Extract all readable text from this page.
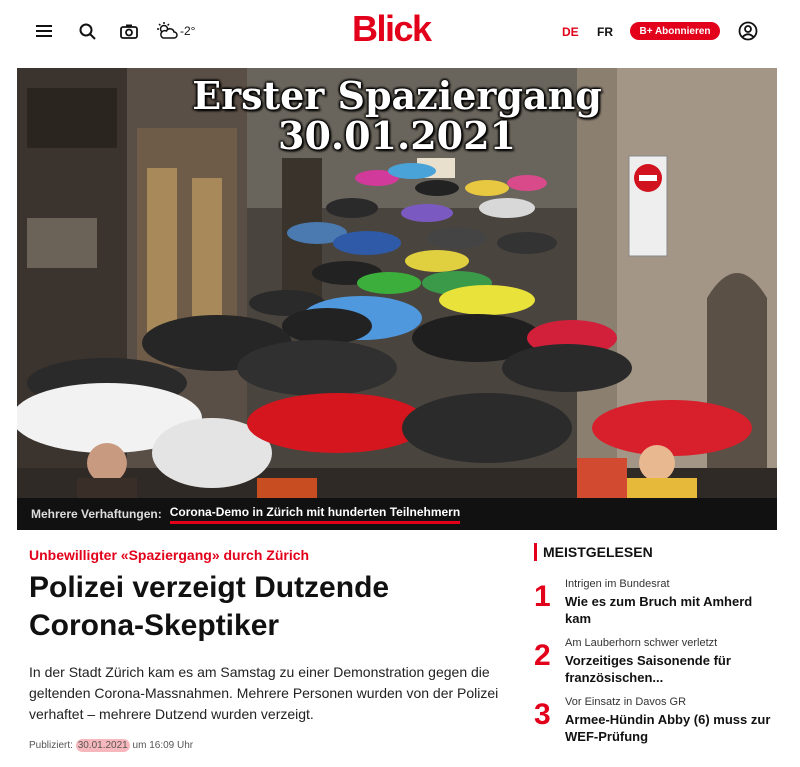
-2°	Blick	DE FR	B+ Abonnieren
Erster Spaziergang
30.01.2021
Mehrere Verhaftungen: Corona-Demo in Zürich mit hunderten Teilnehmern
Unbewilligter «Spaziergang» durch Zürich
Polizei verzeigt Dutzende Corona-Skeptiker
In der Stadt Zürich kam es am Samstag zu einer Demonstration gegen die geltenden Corona-Massnahmen. Mehrere Personen wurden von der Polizei verhaftet – mehrere Dutzend wurden verzeigt.
Publiziert: 30.01.2021 um 16:09 Uhr
MEISTGELESEN
1 Intrigen im Bundesrat
Wie es zum Bruch mit Amherd kam
2 Am Lauberhorn schwer verletzt
Vorzeitiges Saisonende für französischen...
3 Vor Einsatz in Davos GR
Armee-Hündin Abby (6) muss zur WEF-Prüfung
